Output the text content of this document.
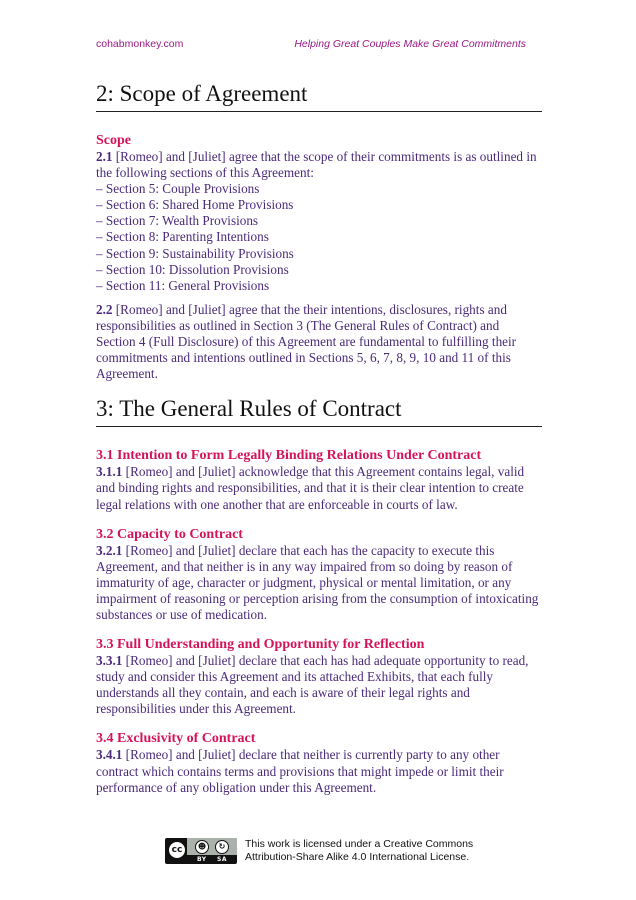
cohabmonkey.com	Helping Great Couples Make Great Commitments
2: Scope of Agreement
Scope

2.1 [Romeo] and [Juliet] agree that the scope of their commitments is as outlined in the following sections of this Agreement:

– Section 5: Couple Provisions

– Section 6: Shared Home Provisions

– Section 7: Wealth Provisions

– Section 8: Parenting Intentions

– Section 9: Sustainability Provisions

– Section 10: Dissolution Provisions

– Section 11: General Provisions

2.2 [Romeo] and [Juliet] agree that the their intentions, disclosures, rights and responsibilities as outlined in Section 3 (The General Rules of Contract) and Section 4 (Full Disclosure) of this Agreement are fundamental to fulfilling their commitments and intentions outlined in Sections 5, 6, 7, 8, 9, 10 and 11 of this Agreement.

3: The General Rules of Contract
3.1 Intention to Form Legally Binding Relations Under Contract

3.1.1 [Romeo] and [Juliet] acknowledge that this Agreement contains legal, valid and binding rights and responsibilities, and that it is their clear intention to create legal relations with one another that are enforceable in courts of law.

3.2 Capacity to Contract

3.2.1 [Romeo] and [Juliet] declare that each has the capacity to execute this Agreement, and that neither is in any way impaired from so doing by reason of immaturity of age, character or judgment, physical or mental limitation, or any impairment of reasoning or perception arising from the consumption of intoxicating substances or use of medication.

3.3 Full Understanding and Opportunity for Reflection

3.3.1 [Romeo] and [Juliet] declare that each has had adequate opportunity to read, study and consider this Agreement and its attached Exhibits, that each fully understands all they contain, and each is aware of their legal rights and responsibilities under this Agreement.

3.4 Exclusivity of Contract

3.4.1 [Romeo] and [Juliet] declare that neither is currently party to any other contract which contains terms and provisions that might impede or limit their performance of any obligation under this Agreement.

cc	☻	↻
BY SA
This work is licensed under a Creative Commons
Attribution-Share Alike 4.0 International License.
